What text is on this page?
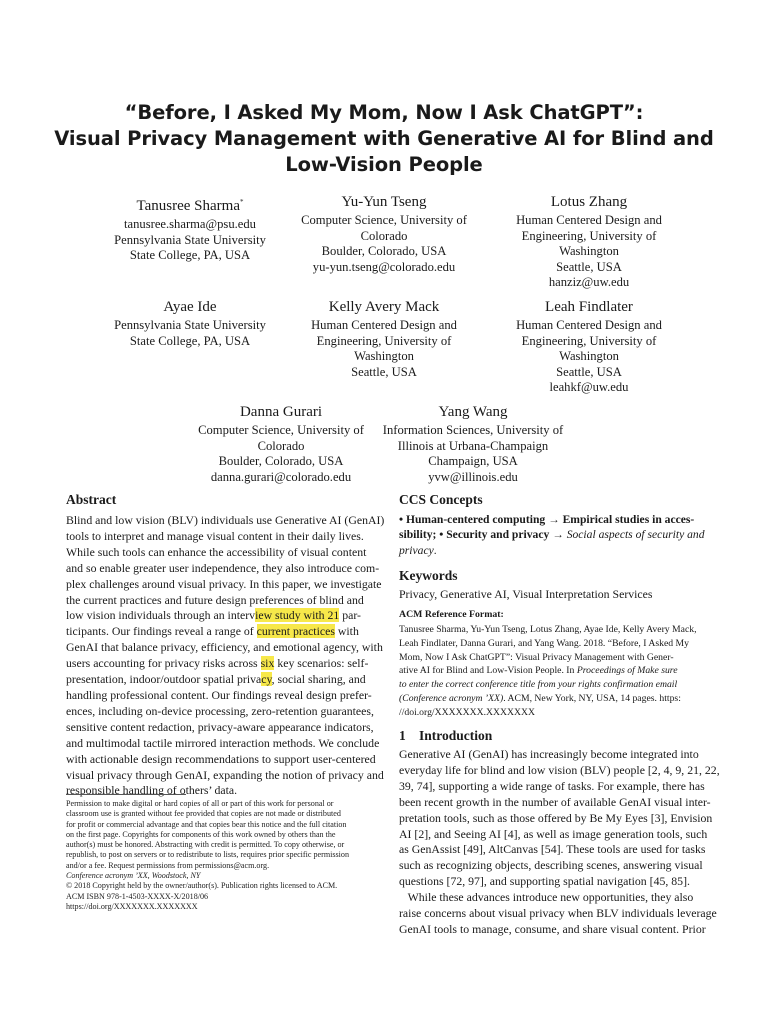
“Before, I Asked My Mom, Now I Ask ChatGPT”:
Visual Privacy Management with Generative AI for Blind and
Low-Vision People
Tanusree Sharma*
tanusree.sharma@psu.edu
Pennsylvania State University
State College, PA, USA
Yu-Yun Tseng
Computer Science, University of
Colorado
Boulder, Colorado, USA
yu-yun.tseng@colorado.edu
Lotus Zhang
Human Centered Design and
Engineering, University of
Washington
Seattle, USA
hanziz@uw.edu
Ayae Ide
Pennsylvania State University
State College, PA, USA
Kelly Avery Mack
Human Centered Design and
Engineering, University of
Washington
Seattle, USA
Leah Findlater
Human Centered Design and
Engineering, University of
Washington
Seattle, USA
leahkf@uw.edu
Danna Gurari
Computer Science, University of
Colorado
Boulder, Colorado, USA
danna.gurari@colorado.edu
Yang Wang
Information Sciences, University of
Illinois at Urbana-Champaign
Champaign, USA
yvw@illinois.edu
Abstract
Blind and low vision (BLV) individuals use Generative AI (GenAI)
tools to interpret and manage visual content in their daily lives.
While such tools can enhance the accessibility of visual content
and so enable greater user independence, they also introduce com-
plex challenges around visual privacy. In this paper, we investigate
the current practices and future design preferences of blind and
low vision individuals through an interview study with 21 par-
ticipants. Our findings reveal a range of current practices with
GenAI that balance privacy, efficiency, and emotional agency, with
users accounting for privacy risks across six key scenarios: self-
presentation, indoor/outdoor spatial privacy, social sharing, and
handling professional content. Our findings reveal design prefer-
ences, including on-device processing, zero-retention guarantees,
sensitive content redaction, privacy-aware appearance indicators,
and multimodal tactile mirrored interaction methods. We conclude
with actionable design recommendations to support user-centered
visual privacy through GenAI, expanding the notion of privacy and
responsible handling of others’ data.
Permission to make digital or hard copies of all or part of this work for personal or
classroom use is granted without fee provided that copies are not made or distributed
for profit or commercial advantage and that copies bear this notice and the full citation
on the first page. Copyrights for components of this work owned by others than the
author(s) must be honored. Abstracting with credit is permitted. To copy otherwise, or
republish, to post on servers or to redistribute to lists, requires prior specific permission
and/or a fee. Request permissions from permissions@acm.org.
Conference acronym ’XX, Woodstock, NY
© 2018 Copyright held by the owner/author(s). Publication rights licensed to ACM.
ACM ISBN 978-1-4503-XXXX-X/2018/06
https://doi.org/XXXXXXX.XXXXXXX
CCS Concepts
• Human-centered computing → Empirical studies in acces-
sibility; • Security and privacy → Social aspects of security and
privacy.
Keywords
Privacy, Generative AI, Visual Interpretation Services
ACM Reference Format:
Tanusree Sharma, Yu-Yun Tseng, Lotus Zhang, Ayae Ide, Kelly Avery Mack,
Leah Findlater, Danna Gurari, and Yang Wang. 2018. “Before, I Asked My
Mom, Now I Ask ChatGPT”: Visual Privacy Management with Gener-
ative AI for Blind and Low-Vision People. In Proceedings of Make sure
to enter the correct conference title from your rights confirmation email
(Conference acronym ’XX). ACM, New York, NY, USA, 14 pages. https:
//doi.org/XXXXXXX.XXXXXXX
1 Introduction
Generative AI (GenAI) has increasingly become integrated into
everyday life for blind and low vision (BLV) people [2, 4, 9, 21, 22,
39, 74], supporting a wide range of tasks. For example, there has
been recent growth in the number of available GenAI visual inter-
pretation tools, such as those offered by Be My Eyes [3], Envision
AI [2], and Seeing AI [4], as well as image generation tools, such
as GenAssist [49], AltCanvas [54]. These tools are used for tasks
such as recognizing objects, describing scenes, answering visual
questions [72, 97], and supporting spatial navigation [45, 85].
While these advances introduce new opportunities, they also
raise concerns about visual privacy when BLV individuals leverage
GenAI tools to manage, consume, and share visual content. Prior
